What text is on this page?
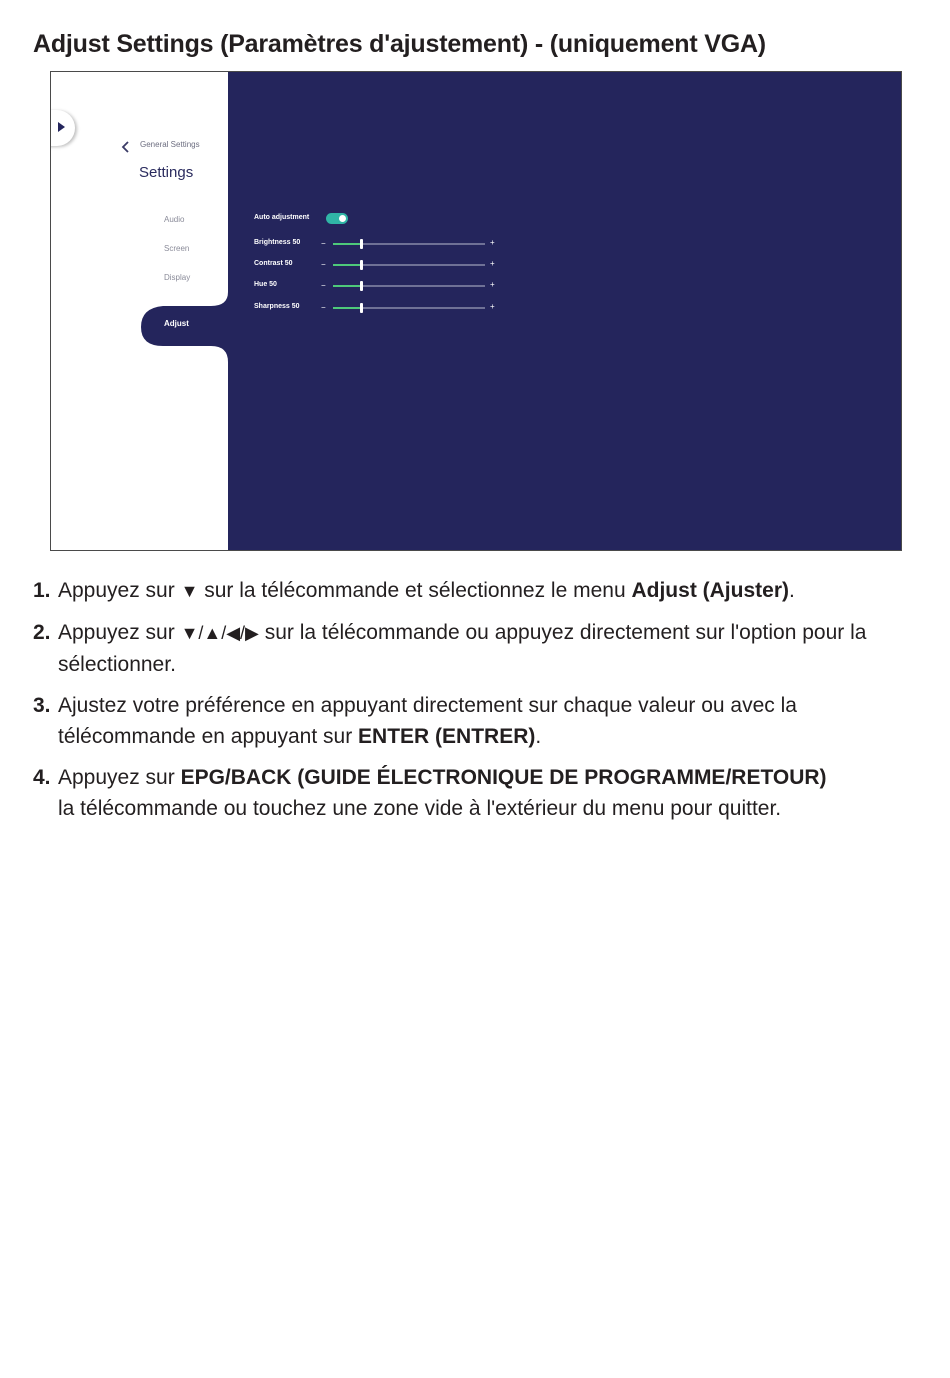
Adjust Settings (Paramètres d'ajustement) - (uniquement VGA)
General Settings
Settings
Audio
Screen
Display
Adjust
Auto adjustment
Brightness 50	−	+
Contrast 50	−	+
Hue 50	−	+
Sharpness 50	−	+
1. Appuyez sur ▼ sur la télécommande et sélectionnez le menu Adjust (Ajuster).
2. Appuyez sur ▼/▲/◀/▶ sur la télécommande ou appuyez directement sur l'option pour la sélectionner.
3. Ajustez votre préférence en appuyant directement sur chaque valeur ou avec la télécommande en appuyant sur ENTER (ENTRER).
4. Appuyez sur EPG/BACK (GUIDE ÉLECTRONIQUE DE PROGRAMME/RETOUR)
la télécommande ou touchez une zone vide à l'extérieur du menu pour quitter.
